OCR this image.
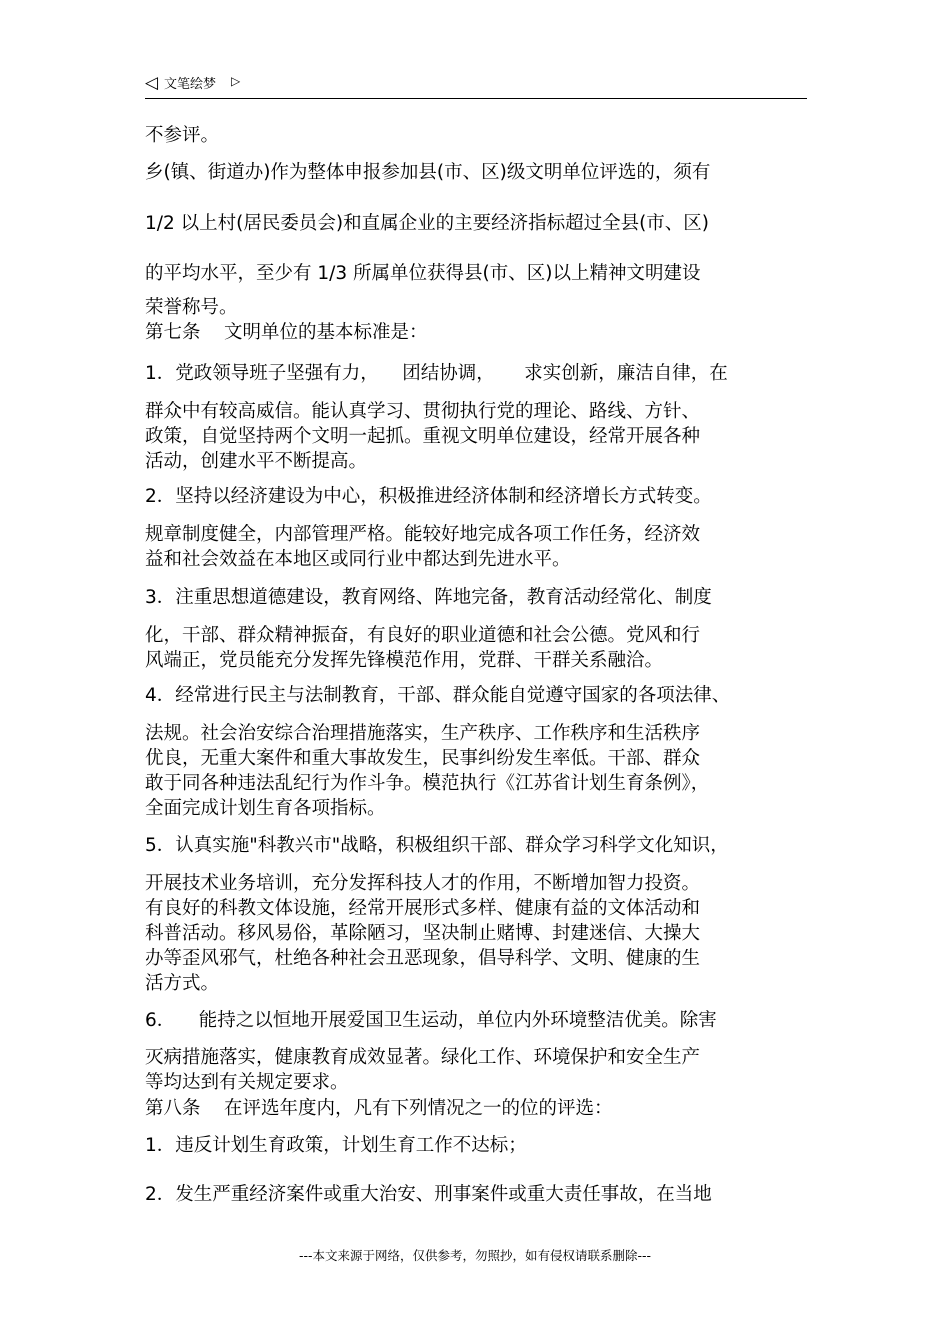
◁ 文笔绘梦 ▷
不参评。
乡(镇、街道办)作为整体申报参加县(市、区)级文明单位评选的，须有
1/2 以上村(居民委员会)和直属企业的主要经济指标超过全县(市、区)
的平均水平，至少有 1/3 所属单位获得县(市、区)以上精神文明建设
荣誉称号。
第七条    文明单位的基本标准是：
1．党政领导班子坚强有力，    团结协调，     求实创新，廉洁自律，在
群众中有较高威信。能认真学习、贯彻执行党的理论、路线、方针、
政策，自觉坚持两个文明一起抓。重视文明单位建设，经常开展各种
活动，创建水平不断提高。
2．坚持以经济建设为中心，积极推进经济体制和经济增长方式转变。
规章制度健全，内部管理严格。能较好地完成各项工作任务，经济效
益和社会效益在本地区或同行业中都达到先进水平。
3．注重思想道德建设，教育网络、阵地完备，教育活动经常化、制度
化，干部、群众精神振奋，有良好的职业道德和社会公德。党风和行
风端正，党员能充分发挥先锋模范作用，党群、干群关系融洽。
4．经常进行民主与法制教育，干部、群众能自觉遵守国家的各项法律、
法规。社会治安综合治理措施落实，生产秩序、工作秩序和生活秩序
优良，无重大案件和重大事故发生，民事纠纷发生率低。干部、群众
敢于同各种违法乱纪行为作斗争。模范执行《江苏省计划生育条例》，
全面完成计划生育各项指标。
5．认真实施"科教兴市"战略，积极组织干部、群众学习科学文化知识，
开展技术业务培训，充分发挥科技人才的作用，不断增加智力投资。
有良好的科教文体设施，经常开展形式多样、健康有益的文体活动和
科普活动。移风易俗，革除陋习，坚决制止赌博、封建迷信、大操大
办等歪风邪气，杜绝各种社会丑恶现象，倡导科学、文明、健康的生
活方式。
6．    能持之以恒地开展爱国卫生运动，单位内外环境整洁优美。除害
灭病措施落实，健康教育成效显著。绿化工作、环境保护和安全生产
等均达到有关规定要求。
第八条    在评选年度内，凡有下列情况之一的位的评选：
1．违反计划生育政策，计划生育工作不达标；
2．发生严重经济案件或重大治安、刑事案件或重大责任事故，在当地
---本文来源于网络，仅供参考，勿照抄，如有侵权请联系删除---
